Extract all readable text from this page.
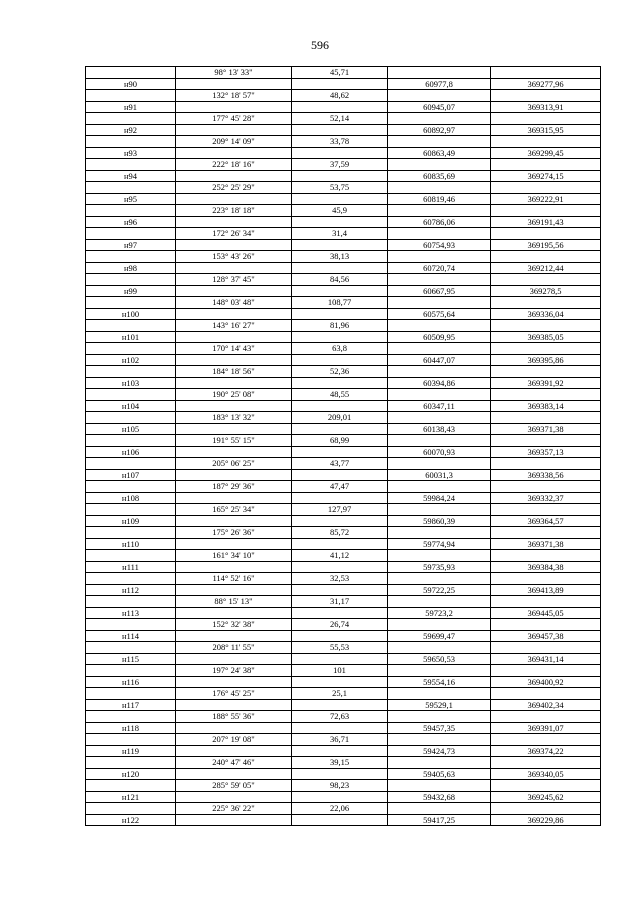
596
	98° 13' 33"	45,71		
н90			60977,8	369277,96
	132° 18' 57"	48,62		
н91			60945,07	369313,91
	177° 45' 28"	52,14		
н92			60892,97	369315,95
	209° 14' 09"	33,78		
н93			60863,49	369299,45
	222° 18' 16"	37,59		
н94			60835,69	369274,15
	252° 25' 29"	53,75		
н95			60819,46	369222,91
	223° 18' 18"	45,9		
н96			60786,06	369191,43
	172° 26' 34"	31,4		
н97			60754,93	369195,56
	153° 43' 26"	38,13		
н98			60720,74	369212,44
	128° 37' 45"	84,56		
н99			60667,95	369278,5
	148° 03' 48"	108,77		
н100			60575,64	369336,04
	143° 16' 27"	81,96		
н101			60509,95	369385,05
	170° 14' 43"	63,8		
н102			60447,07	369395,86
	184° 18' 56"	52,36		
н103			60394,86	369391,92
	190° 25' 08"	48,55		
н104			60347,11	369383,14
	183° 13' 32"	209,01		
н105			60138,43	369371,38
	191° 55' 15"	68,99		
н106			60070,93	369357,13
	205° 06' 25"	43,77		
н107			60031,3	369338,56
	187° 29' 36"	47,47		
н108			59984,24	369332,37
	165° 25' 34"	127,97		
н109			59860,39	369364,57
	175° 26' 36"	85,72		
н110			59774,94	369371,38
	161° 34' 10"	41,12		
н111			59735,93	369384,38
	114° 52' 16"	32,53		
н112			59722,25	369413,89
	88° 15' 13"	31,17		
н113			59723,2	369445,05
	152° 32' 38"	26,74		
н114			59699,47	369457,38
	208° 11' 55"	55,53		
н115			59650,53	369431,14
	197° 24' 38"	101		
н116			59554,16	369400,92
	176° 45' 25"	25,1		
н117			59529,1	369402,34
	188° 55' 36"	72,63		
н118			59457,35	369391,07
	207° 19' 08"	36,71		
н119			59424,73	369374,22
	240° 47' 46"	39,15		
н120			59405,63	369340,05
	285° 59' 05"	98,23		
н121			59432,68	369245,62
	225° 36' 22"	22,06		
н122			59417,25	369229,86
